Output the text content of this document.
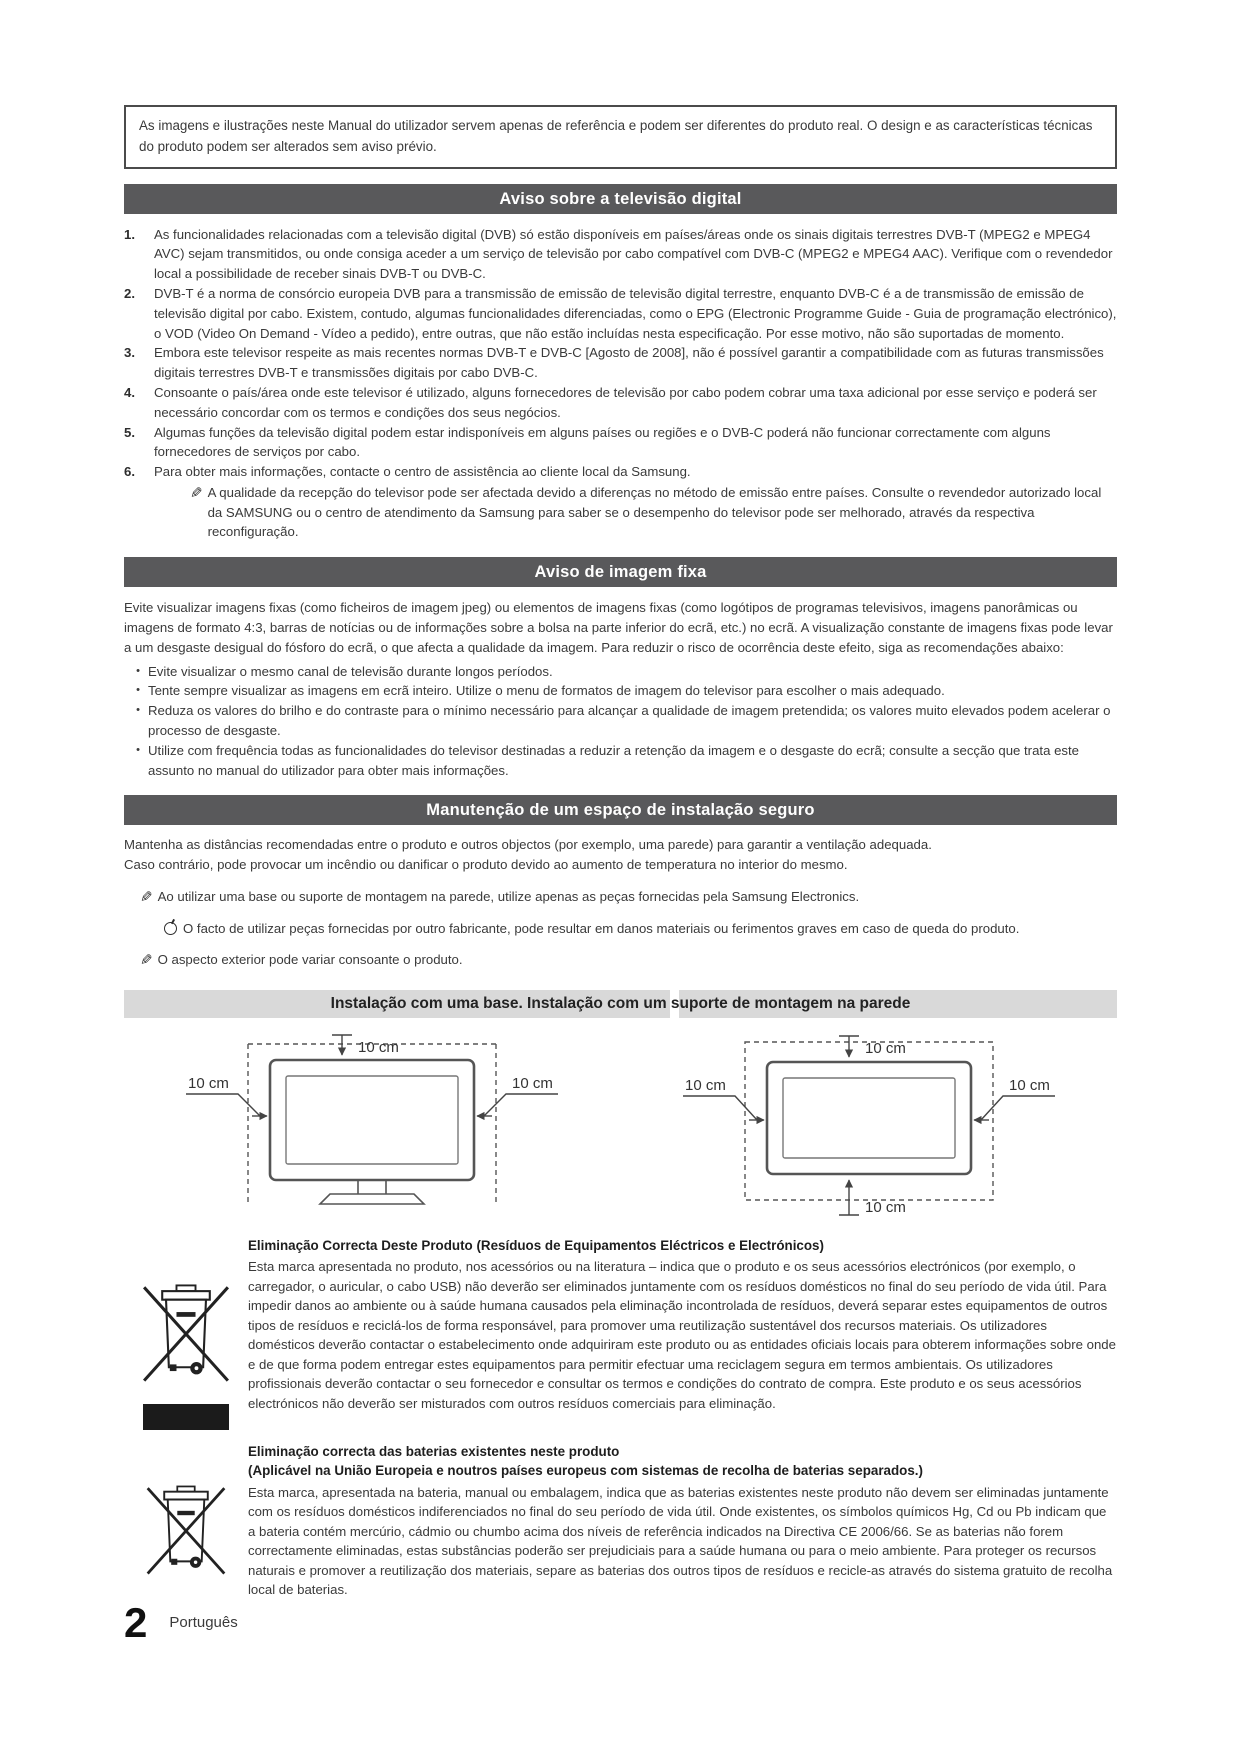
As imagens e ilustrações neste Manual do utilizador servem apenas de referência e podem ser diferentes do produto real. O design e as características técnicas do produto podem ser alterados sem aviso prévio.
Aviso sobre a televisão digital
1.	As funcionalidades relacionadas com a televisão digital (DVB) só estão disponíveis em países/áreas onde os sinais digitais terrestres DVB-T (MPEG2 e MPEG4 AVC) sejam transmitidos, ou onde consiga aceder a um serviço de televisão por cabo compatível com DVB-C (MPEG2 e MPEG4 AAC). Verifique com o revendedor local a possibilidade de receber sinais DVB-T ou DVB-C.
2.	DVB-T é a norma de consórcio europeia DVB para a transmissão de emissão de televisão digital terrestre, enquanto DVB-C é a de transmissão de emissão de televisão digital por cabo. Existem, contudo, algumas funcionalidades diferenciadas, como o EPG (Electronic Programme Guide - Guia de programação electrónico), o VOD (Video On Demand - Vídeo a pedido), entre outras, que não estão incluídas nesta especificação. Por esse motivo, não são suportadas de momento.
3.	Embora este televisor respeite as mais recentes normas DVB-T e DVB-C [Agosto de 2008], não é possível garantir a compatibilidade com as futuras transmissões digitais terrestres DVB-T e transmissões digitais por cabo DVB-C.
4.	Consoante o país/área onde este televisor é utilizado, alguns fornecedores de televisão por cabo podem cobrar uma taxa adicional por esse serviço e poderá ser necessário concordar com os termos e condições dos seus negócios.
5.	Algumas funções da televisão digital podem estar indisponíveis em alguns países ou regiões e o DVB-C poderá não funcionar correctamente com alguns fornecedores de serviços por cabo.
6.	Para obter mais informações, contacte o centro de assistência ao cliente local da Samsung.
✎ A qualidade da recepção do televisor pode ser afectada devido a diferenças no método de emissão entre países. Consulte o revendedor autorizado local da SAMSUNG ou o centro de atendimento da Samsung para saber se o desempenho do televisor pode ser melhorado, através da respectiva reconfiguração.
Aviso de imagem fixa

Evite visualizar imagens fixas (como ficheiros de imagem jpeg) ou elementos de imagens fixas (como logótipos de programas televisivos, imagens panorâmicas ou imagens de formato 4:3, barras de notícias ou de informações sobre a bolsa na parte inferior do ecrã, etc.) no ecrã. A visualização constante de imagens fixas pode levar a um desgaste desigual do fósforo do ecrã, o que afecta a qualidade da imagem. Para reduzir o risco de ocorrência deste efeito, siga as recomendações abaixo:

• Evite visualizar o mesmo canal de televisão durante longos períodos.
• Tente sempre visualizar as imagens em ecrã inteiro. Utilize o menu de formatos de imagem do televisor para escolher o mais adequado.
• Reduza os valores do brilho e do contraste para o mínimo necessário para alcançar a qualidade de imagem pretendida; os valores muito elevados podem acelerar o processo de desgaste.
• Utilize com frequência todas as funcionalidades do televisor destinadas a reduzir a retenção da imagem e o desgaste do ecrã; consulte a secção que trata este assunto no manual do utilizador para obter mais informações.
Manutenção de um espaço de instalação seguro

Mantenha as distâncias recomendadas entre o produto e outros objectos (por exemplo, uma parede) para garantir a ventilação adequada.
Caso contrário, pode provocar um incêndio ou danificar o produto devido ao aumento de temperatura no interior do mesmo.

✎ Ao utilizar uma base ou suporte de montagem na parede, utilize apenas as peças fornecidas pela Samsung Electronics.
O facto de utilizar peças fornecidas por outro fabricante, pode resultar em danos materiais ou ferimentos graves em caso de queda do produto.
✎ O aspecto exterior pode variar consoante o produto.
Instalação com uma base. Instalação com um suporte de montagem na parede
10 cm
10 cm	10 cm
10 cm
10 cm	10 cm
10 cm

Eliminação Correcta Deste Produto (Resíduos de Equipamentos Eléctricos e Electrónicos)

Esta marca apresentada no produto, nos acessórios ou na literatura – indica que o produto e os seus acessórios electrónicos (por exemplo, o carregador, o auricular, o cabo USB) não deverão ser eliminados juntamente com os resíduos domésticos no final do seu período de vida útil. Para impedir danos ao ambiente ou à saúde humana causados pela eliminação incontrolada de resíduos, deverá separar estes equipamentos de outros tipos de resíduos e reciclá-los de forma responsável, para promover uma reutilização sustentável dos recursos materiais. Os utilizadores domésticos deverão contactar o estabelecimento onde adquiriram este produto ou as entidades oficiais locais para obterem informações sobre onde e de que forma podem entregar estes equipamentos para permitir efectuar uma reciclagem segura em termos ambientais. Os utilizadores profissionais deverão contactar o seu fornecedor e consultar os termos e condições do contrato de compra. Este produto e os seus acessórios electrónicos não deverão ser misturados com outros resíduos comerciais para eliminação.

Eliminação correcta das baterias existentes neste produto

(Aplicável na União Europeia e noutros países europeus com sistemas de recolha de baterias separados.)

Esta marca, apresentada na bateria, manual ou embalagem, indica que as baterias existentes neste produto não devem ser eliminadas juntamente com os resíduos domésticos indiferenciados no final do seu período de vida útil. Onde existentes, os símbolos químicos Hg, Cd ou Pb indicam que a bateria contém mercúrio, cádmio ou chumbo acima dos níveis de referência indicados na Directiva CE 2006/66. Se as baterias não forem correctamente eliminadas, estas substâncias poderão ser prejudiciais para a saúde humana ou para o meio ambiente. Para proteger os recursos naturais e promover a reutilização dos materiais, separe as baterias dos outros tipos de resíduos e recicle-as através do sistema gratuito de recolha local de baterias.

2 Português
